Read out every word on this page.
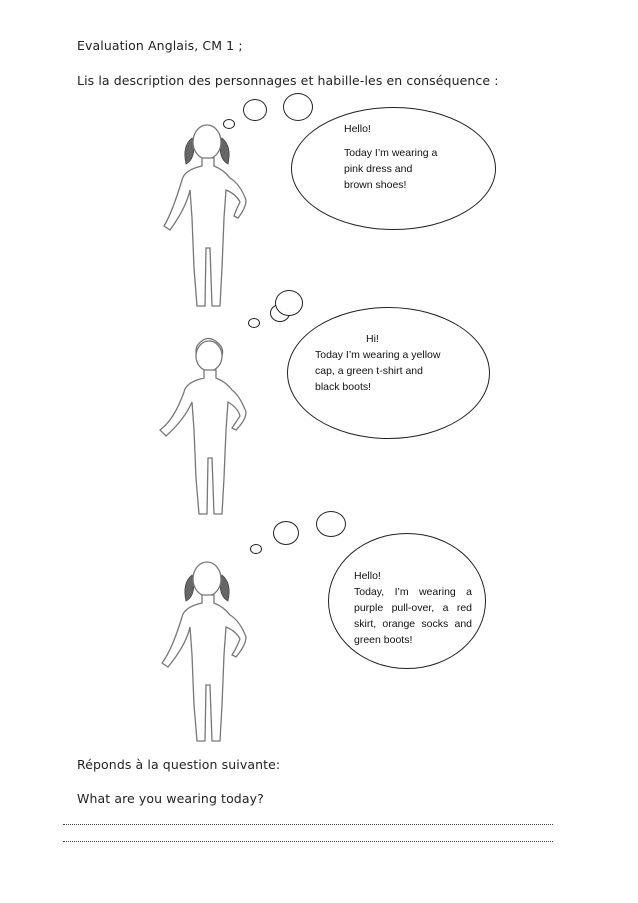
Evaluation Anglais, CM 1 ;
Lis la description des personnages et habille-les en conséquence :
Hello!
Today I’m wearing a
pink dress and
brown shoes!
Hi!
Today I’m wearing a yellow
cap, a green t-shirt and
black boots!
Hello!
Today, I’m wearing a purple pull-over, a red skirt, orange socks and green boots!
Réponds à la question suivante:
What are you wearing today?
